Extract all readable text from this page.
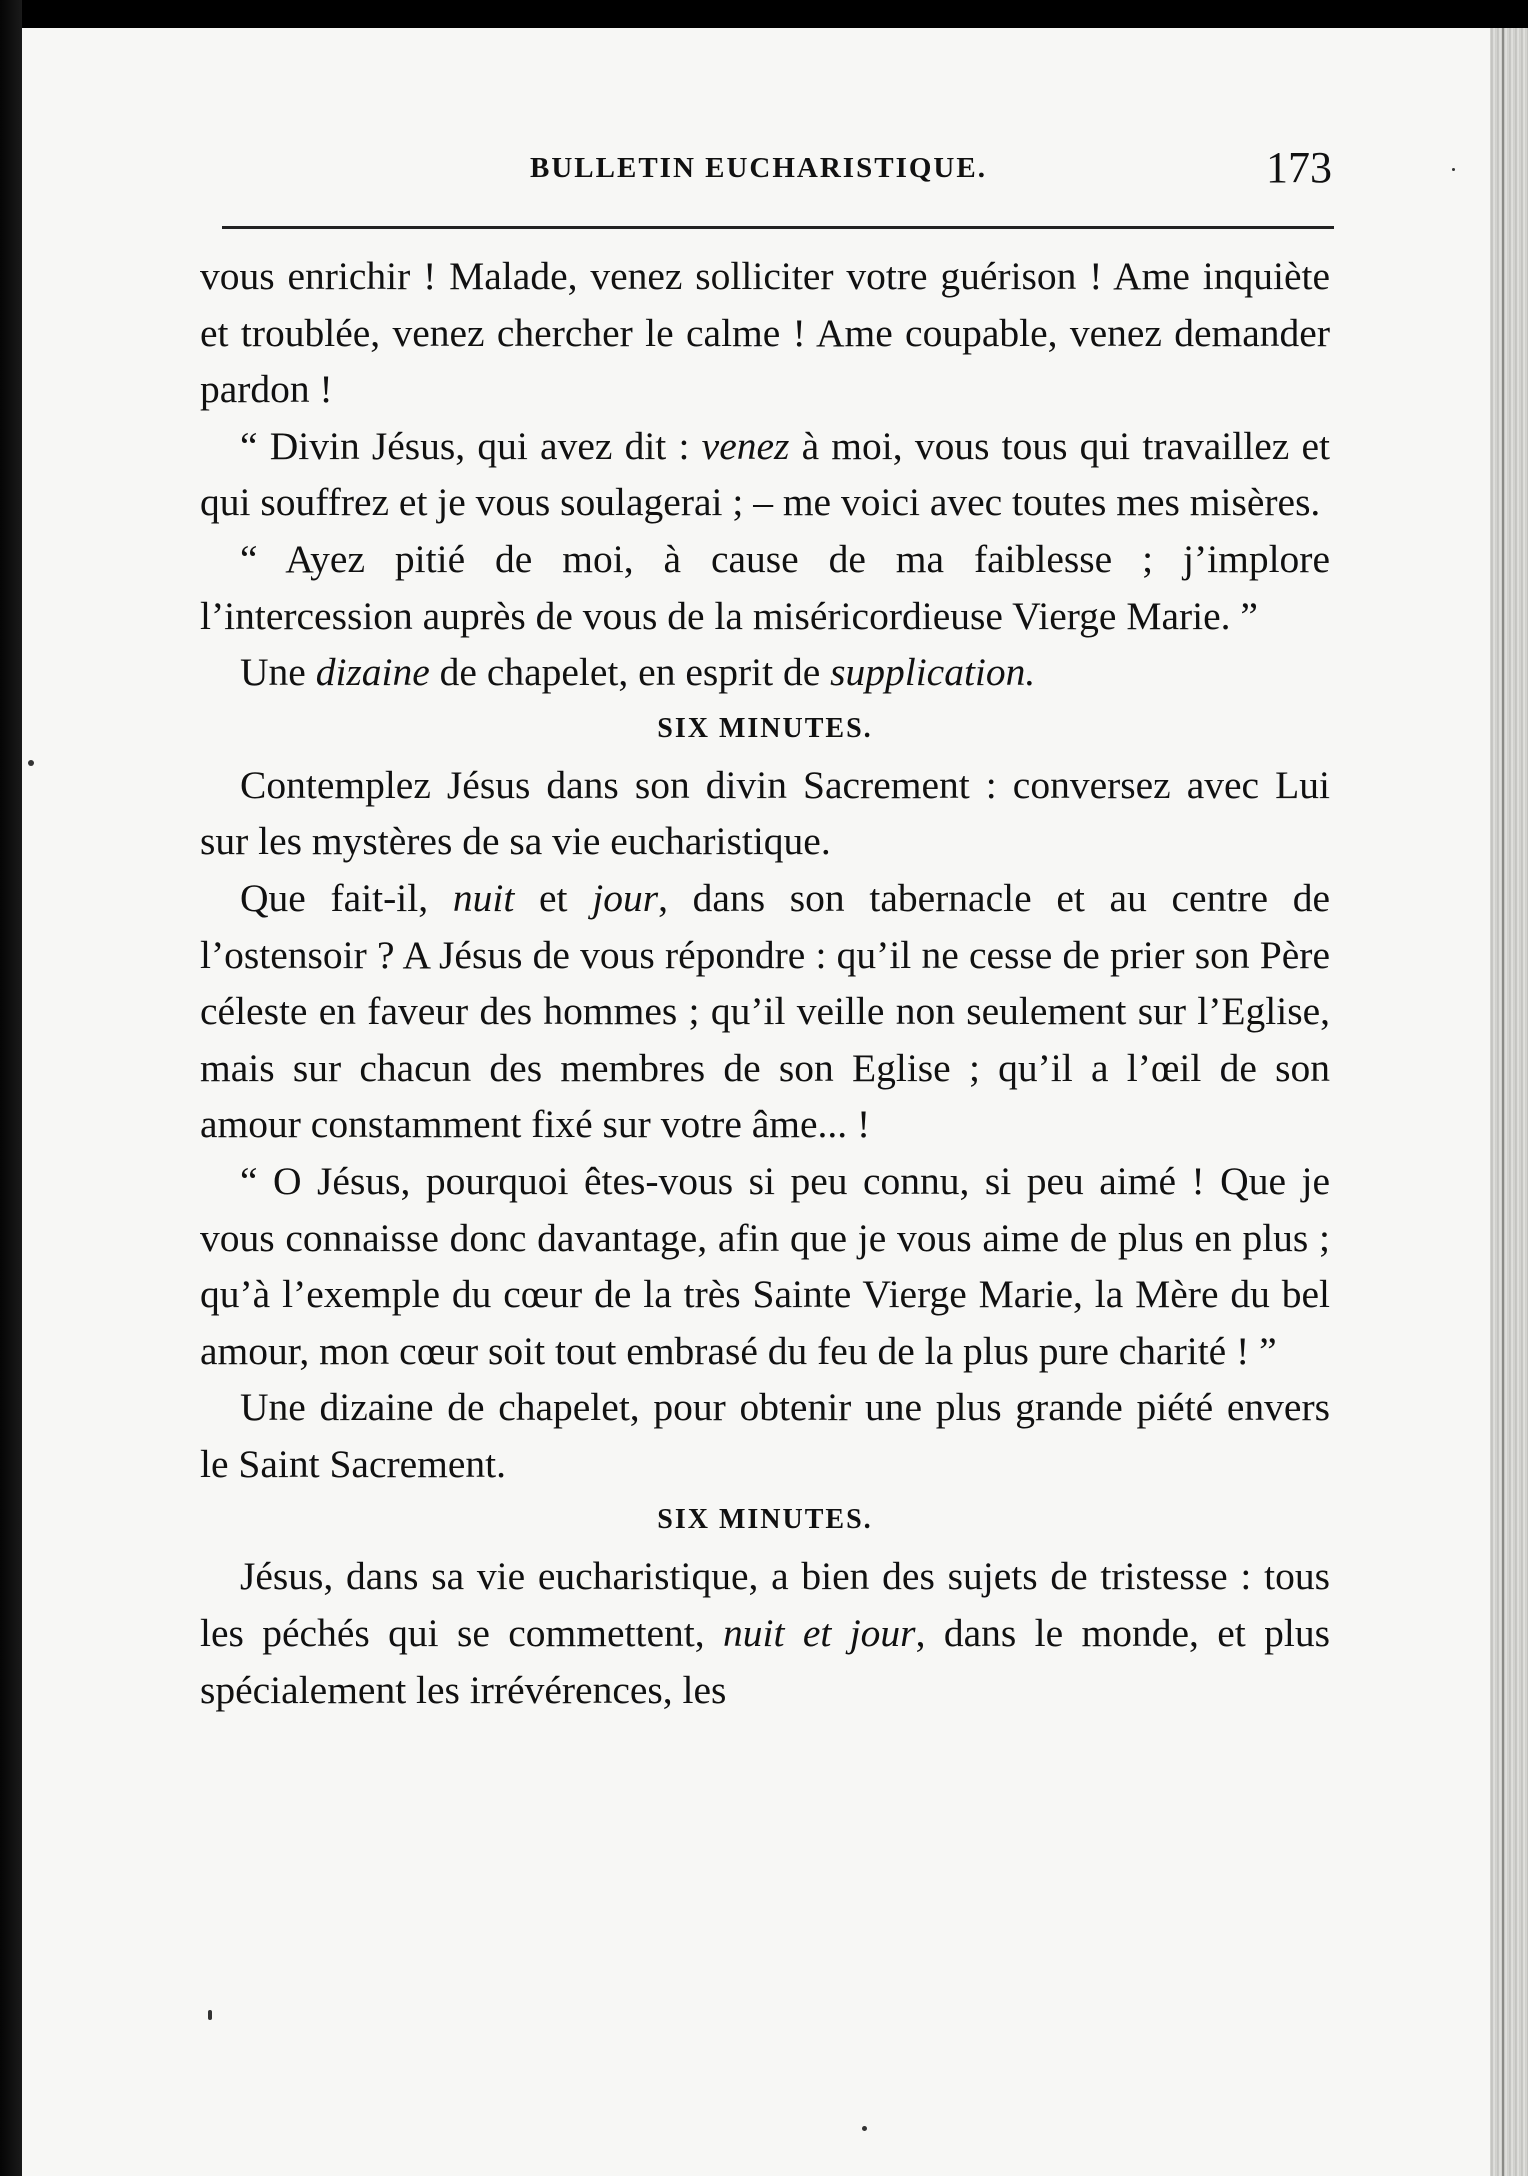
BULLETIN EUCHARISTIQUE.	173

vous enrichir ! Malade, venez solliciter votre guérison ! Ame inquiète et troublée, venez chercher le calme ! Ame coupable, venez demander pardon !

“ Divin Jésus, qui avez dit : venez à moi, vous tous qui travaillez et qui souffrez et je vous soulagerai ; – me voici avec toutes mes misères.

“ Ayez pitié de moi, à cause de ma faiblesse ; j’implore l’intercession auprès de vous de la miséricordieuse Vierge Marie. ”

Une dizaine de chapelet, en esprit de supplication.

SIX MINUTES.

Contemplez Jésus dans son divin Sacrement : conversez avec Lui sur les mystères de sa vie eucharistique.

Que fait-il, nuit et jour, dans son tabernacle et au centre de l’ostensoir ? A Jésus de vous répondre : qu’il ne cesse de prier son Père céleste en faveur des hommes ; qu’il veille non seulement sur l’Eglise, mais sur chacun des membres de son Eglise ; qu’il a l’œil de son amour constamment fixé sur votre âme... !

“ O Jésus, pourquoi êtes-vous si peu connu, si peu aimé ! Que je vous connaisse donc davantage, afin que je vous aime de plus en plus ; qu’à l’exemple du cœur de la très Sainte Vierge Marie, la Mère du bel amour, mon cœur soit tout embrasé du feu de la plus pure charité ! ”

Une dizaine de chapelet, pour obtenir une plus grande piété envers le Saint Sacrement.

SIX MINUTES.

Jésus, dans sa vie eucharistique, a bien des sujets de tristesse : tous les péchés qui se commettent, nuit et jour, dans le monde, et plus spécialement les irrévérences, les
